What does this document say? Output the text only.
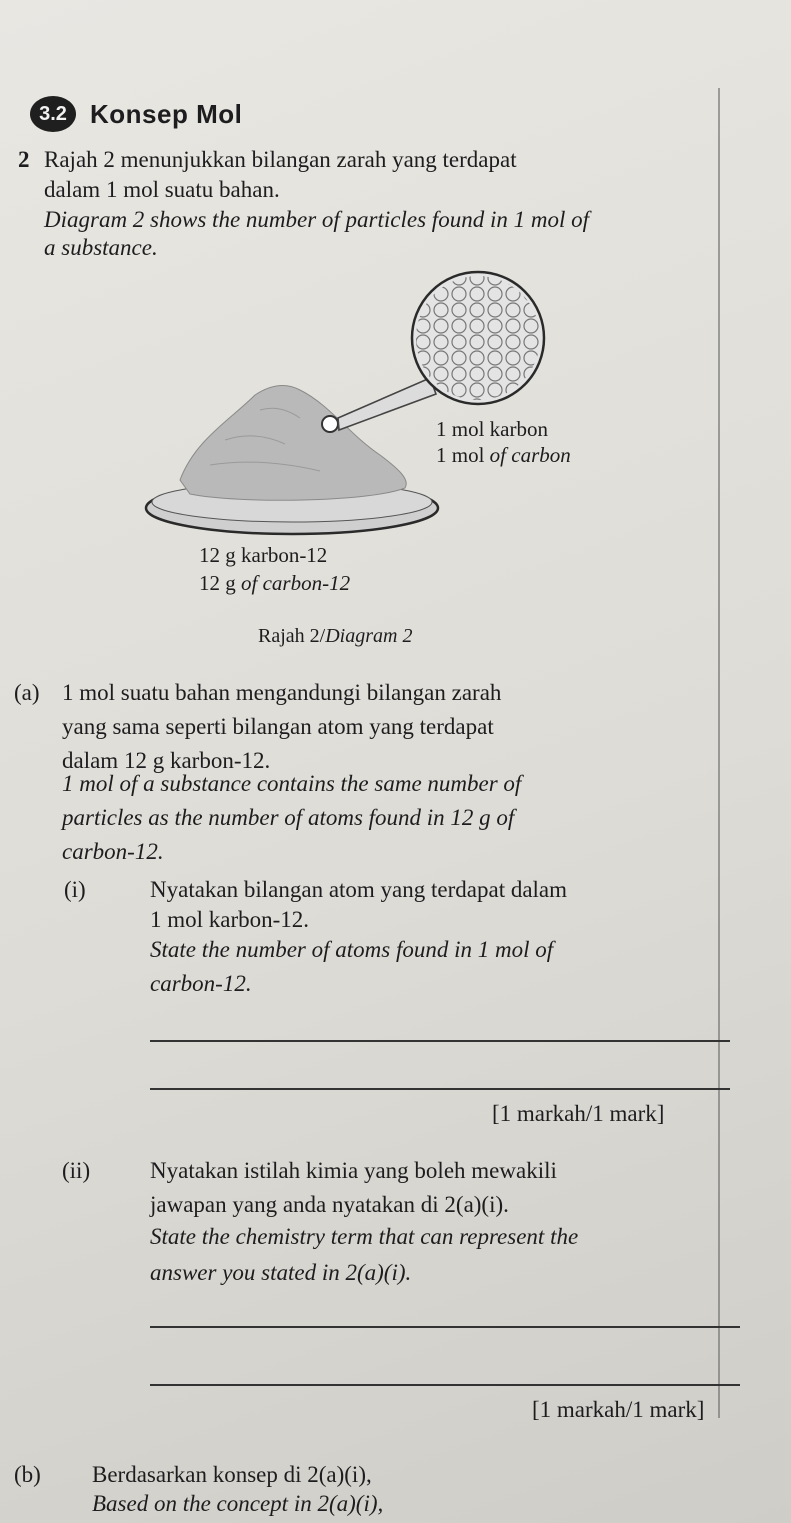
3.2 Konsep Mol
2 Rajah 2 menunjukkan bilangan zarah yang terdapat
dalam 1 mol suatu bahan.
Diagram 2 shows the number of particles found in 1 mol of
a substance.
1 mol karbon
1 mol of carbon
12 g karbon-12
12 g of carbon-12
Rajah 2/Diagram 2
(a) 1 mol suatu bahan mengandungi bilangan zarah
yang sama seperti bilangan atom yang terdapat
dalam 12 g karbon-12.
1 mol of a substance contains the same number of
particles as the number of atoms found in 12 g of
carbon-12.
(i)	Nyatakan bilangan atom yang terdapat dalam
1 mol karbon-12.
State the number of atoms found in 1 mol of
carbon-12.
[1 markah/1 mark]
(ii)	Nyatakan istilah kimia yang boleh mewakili
jawapan yang anda nyatakan di 2(a)(i).
State the chemistry term that can represent the
answer you stated in 2(a)(i).
[1 markah/1 mark]
(b) Berdasarkan konsep di 2(a)(i),
Based on the concept in 2(a)(i),
